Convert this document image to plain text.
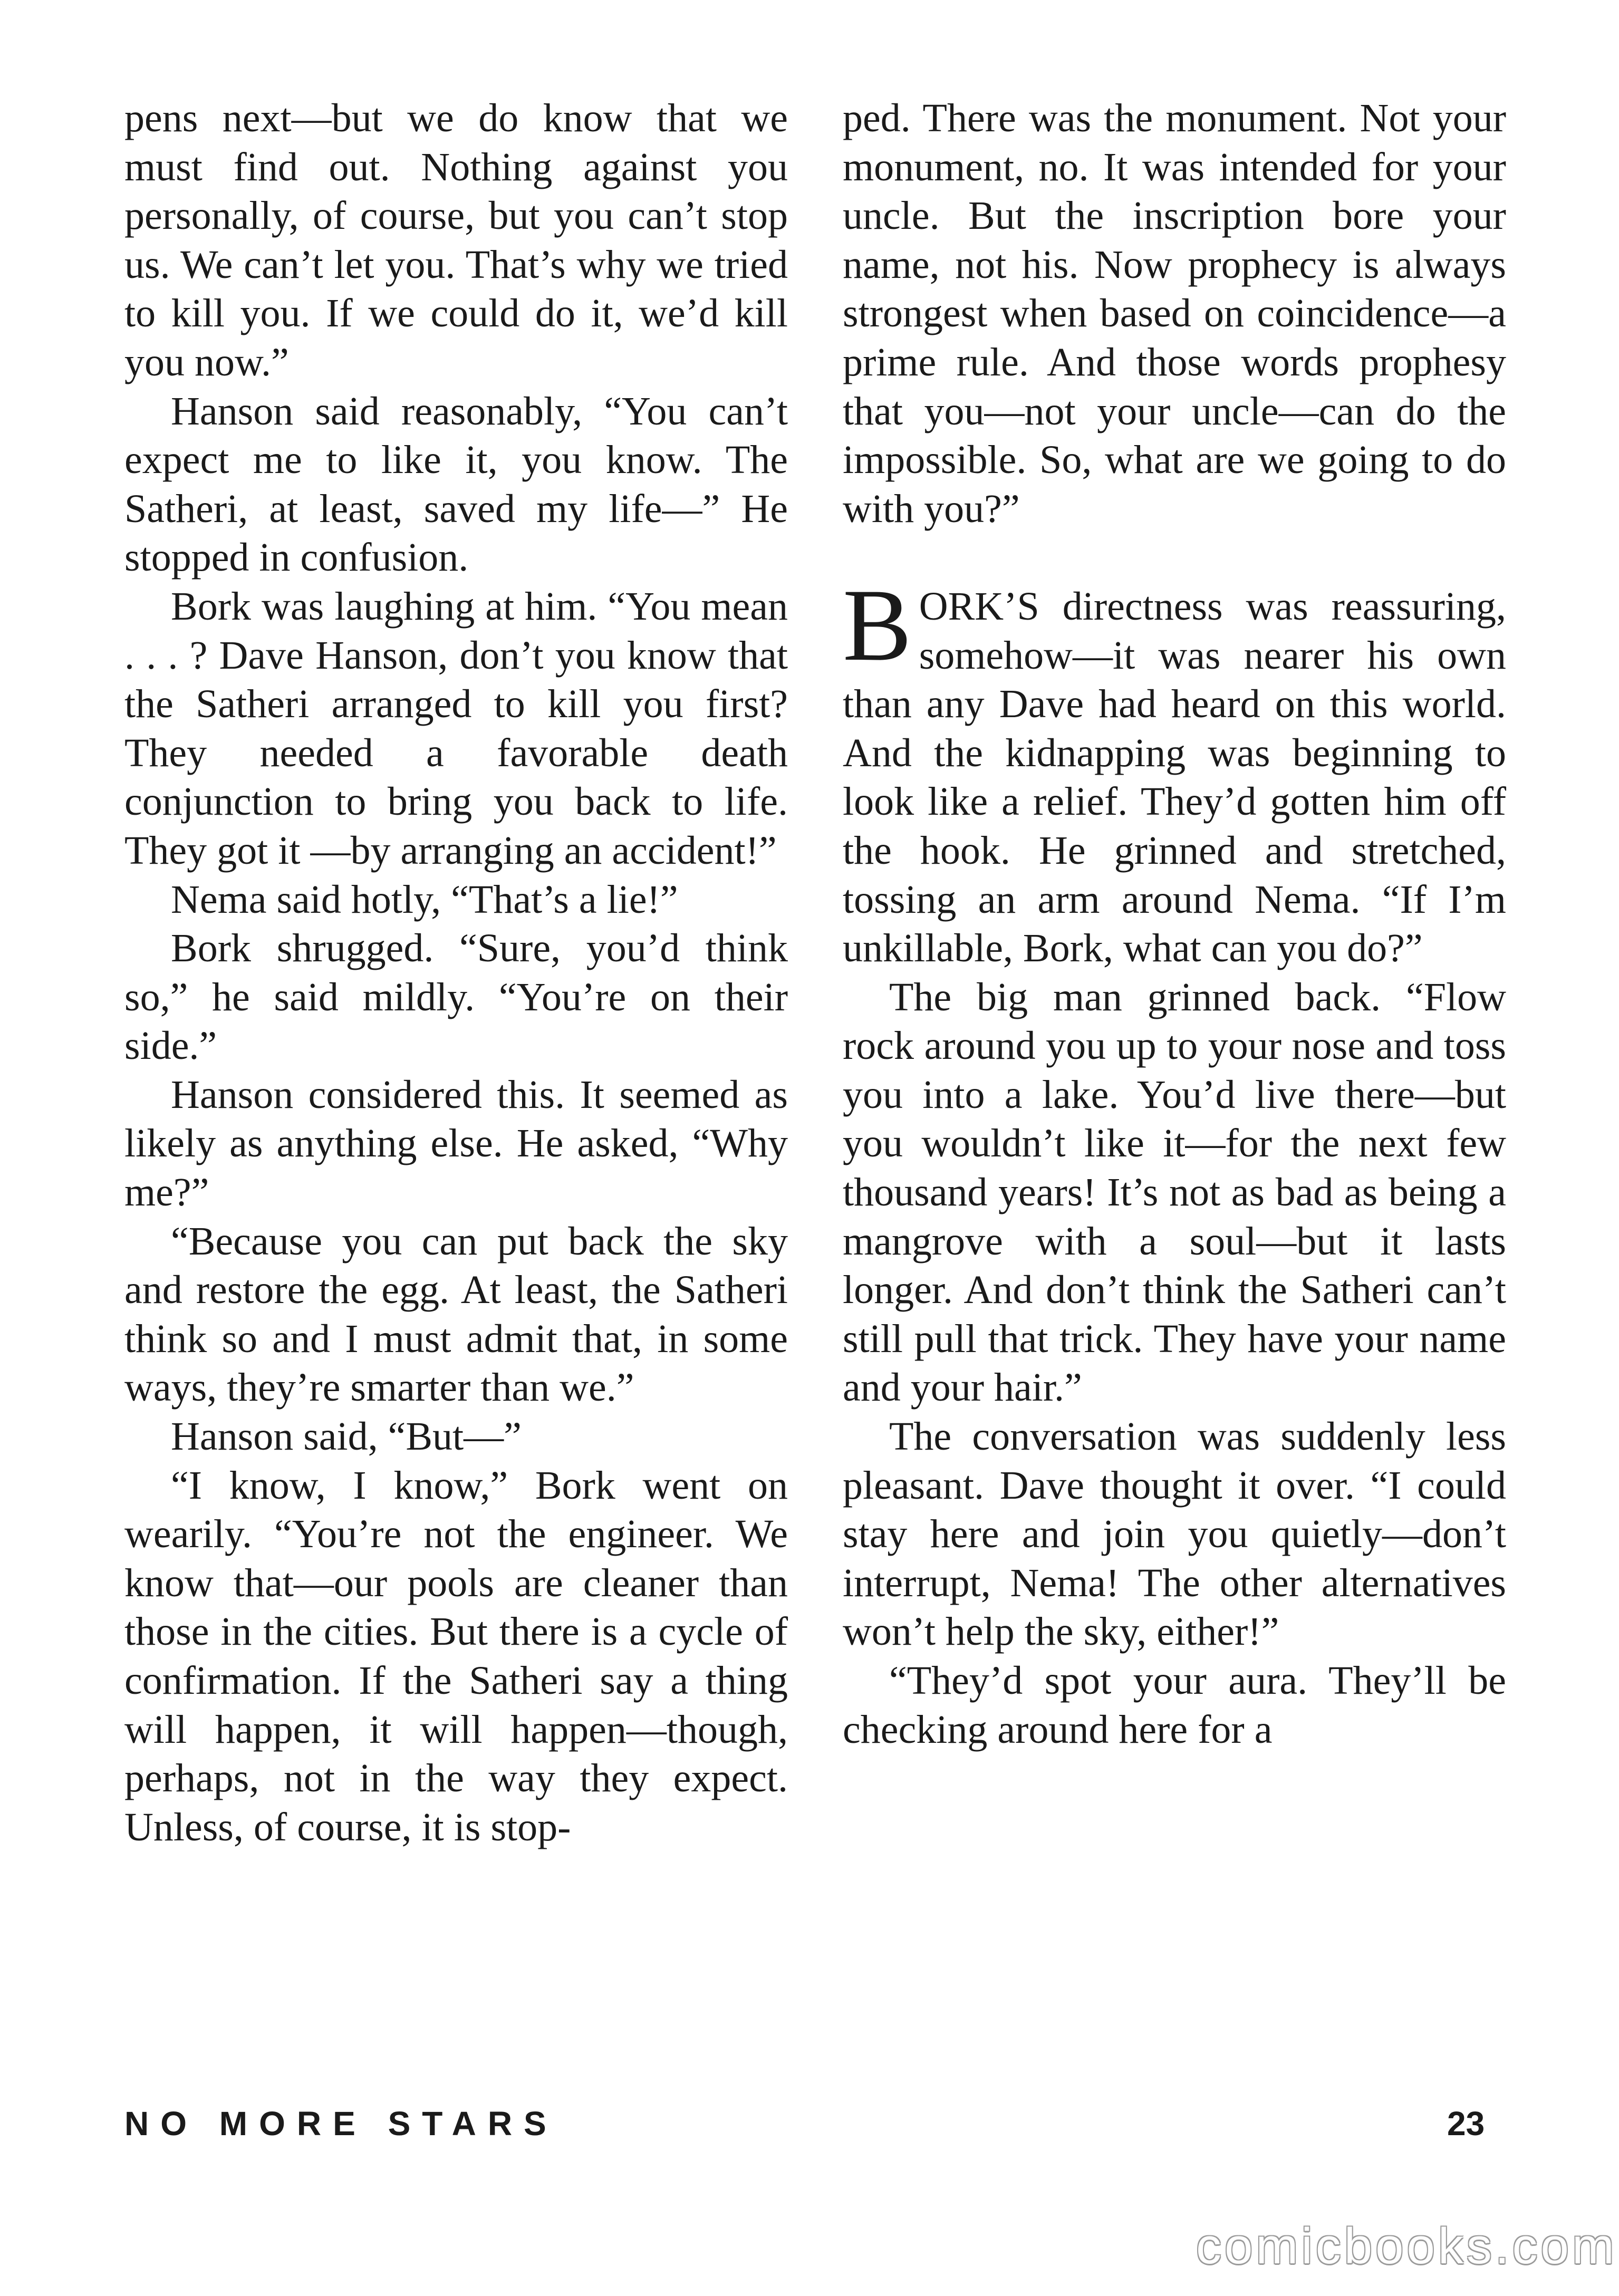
pens next—but we do know that we must find out. Nothing against you personally, of course, but you can’t stop us. We can’t let you. That’s why we tried to kill you. If we could do it, we’d kill you now.”

Hanson said reasonably, “You can’t expect me to like it, you know. The Satheri, at least, saved my life—” He stopped in confusion.

Bork was laughing at him. “You mean . . . ? Dave Hanson, don’t you know that the Satheri arranged to kill you first? They needed a favorable death conjunction to bring you back to life. They got it —by arranging an accident!”

Nema said hotly, “That’s a lie!”

Bork shrugged. “Sure, you’d think so,” he said mildly. “You’re on their side.”

Hanson considered this. It seemed as likely as anything else. He asked, “Why me?”

“Because you can put back the sky and restore the egg. At least, the Satheri think so and I must admit that, in some ways, they’re smarter than we.”

Hanson said, “But—”

“I know, I know,” Bork went on wearily. “You’re not the engineer. We know that—our pools are cleaner than those in the cities. But there is a cycle of confirmation. If the Satheri say a thing will happen, it will happen—though, perhaps, not in the way they expect. Unless, of course, it is stop-

ped. There was the monument. Not your monument, no. It was intended for your uncle. But the inscription bore your name, not his. Now prophecy is always strongest when based on coincidence—a prime rule. And those words prophesy that you—not your uncle—can do the impossible. So, what are we going to do with you?”

BORK’S directness was reassuring, somehow—it was nearer his own than any Dave had heard on this world. And the kidnapping was beginning to look like a relief. They’d gotten him off the hook. He grinned and stretched, tossing an arm around Nema. “If I’m unkillable, Bork, what can you do?”

The big man grinned back. “Flow rock around you up to your nose and toss you into a lake. You’d live there—but you wouldn’t like it—for the next few thousand years! It’s not as bad as being a mangrove with a soul—but it lasts longer. And don’t think the Satheri can’t still pull that trick. They have your name and your hair.”

The conversation was suddenly less pleasant. Dave thought it over. “I could stay here and join you quietly—don’t interrupt, Nema! The other alternatives won’t help the sky, either!”

“They’d spot your aura. They’ll be checking around here for a

NO MORE STARS	23
comicbooks.com
